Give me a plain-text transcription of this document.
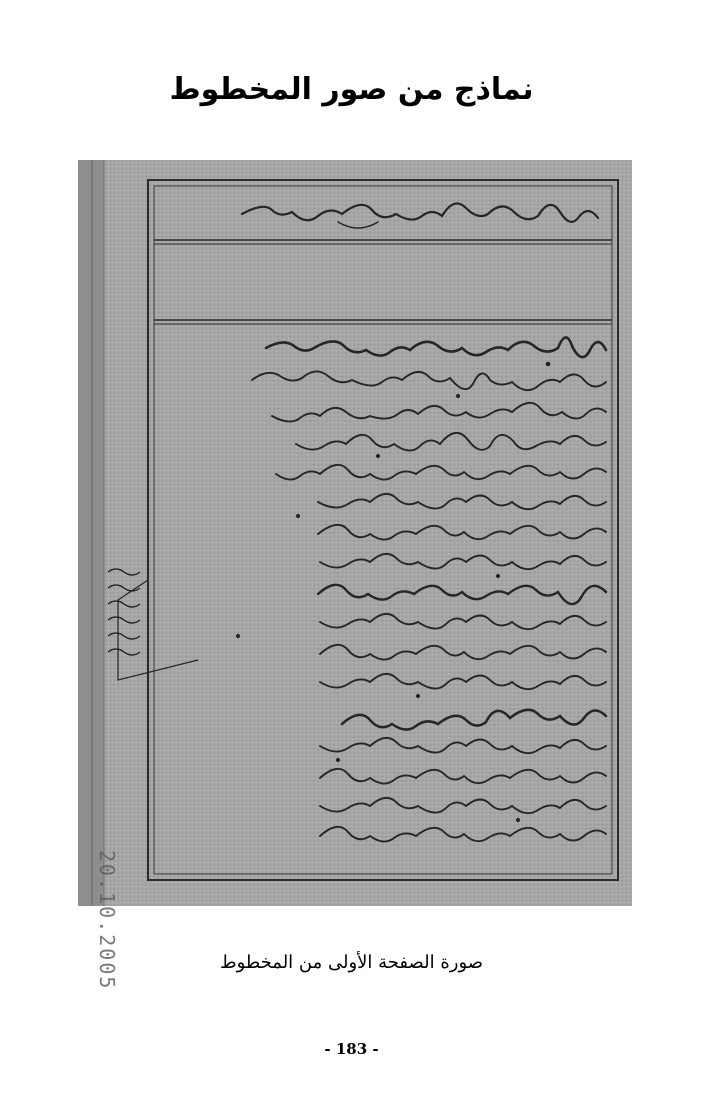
نماذج من صور المخطوط
20.10.2005	صورة الصفحة الأولى من المخطوط
- 183 -
